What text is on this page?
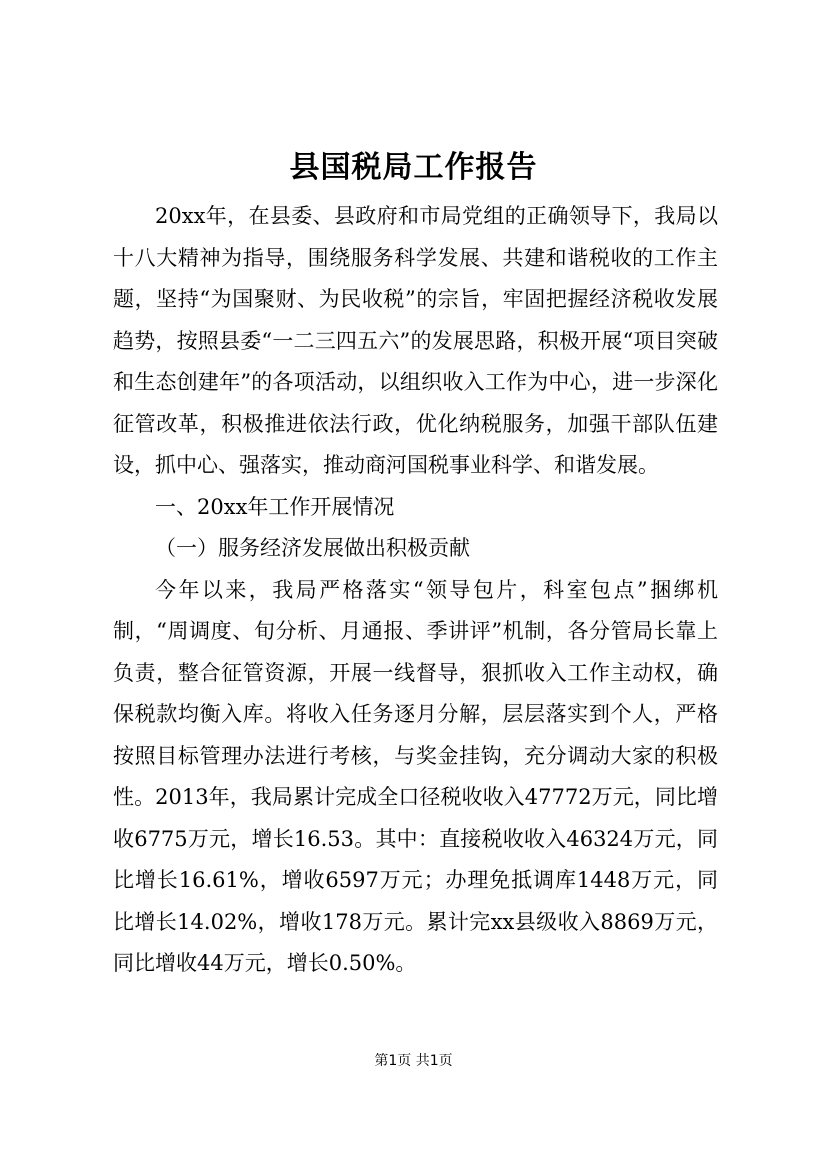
县国税局工作报告

20xx年，在县委、县政府和市局党组的正确领导下，我局以十八大精神为指导，围绕服务科学发展、共建和谐税收的工作主题，坚持“为国聚财、为民收税”的宗旨，牢固把握经济税收发展趋势，按照县委“一二三四五六”的发展思路，积极开展“项目突破和生态创建年”的各项活动，以组织收入工作为中心，进一步深化征管改革，积极推进依法行政，优化纳税服务，加强干部队伍建设，抓中心、强落实，推动商河国税事业科学、和谐发展。

一、20xx年工作开展情况

（一）服务经济发展做出积极贡献

今年以来，我局严格落实“领导包片，科室包点”捆绑机制，“周调度、旬分析、月通报、季讲评”机制，各分管局长靠上负责，整合征管资源，开展一线督导，狠抓收入工作主动权，确保税款均衡入库。将收入任务逐月分解，层层落实到个人，严格按照目标管理办法进行考核，与奖金挂钩，充分调动大家的积极性。2013年，我局累计完成全口径税收收入47772万元，同比增收6775万元，增长16.53。其中：直接税收收入46324万元，同比增长16.61%，增收6597万元；办理免抵调库1448万元，同比增长14.02%，增收178万元。累计完xx县级收入8869万元，同比增收44万元，增长0.50%。

第1页 共1页
